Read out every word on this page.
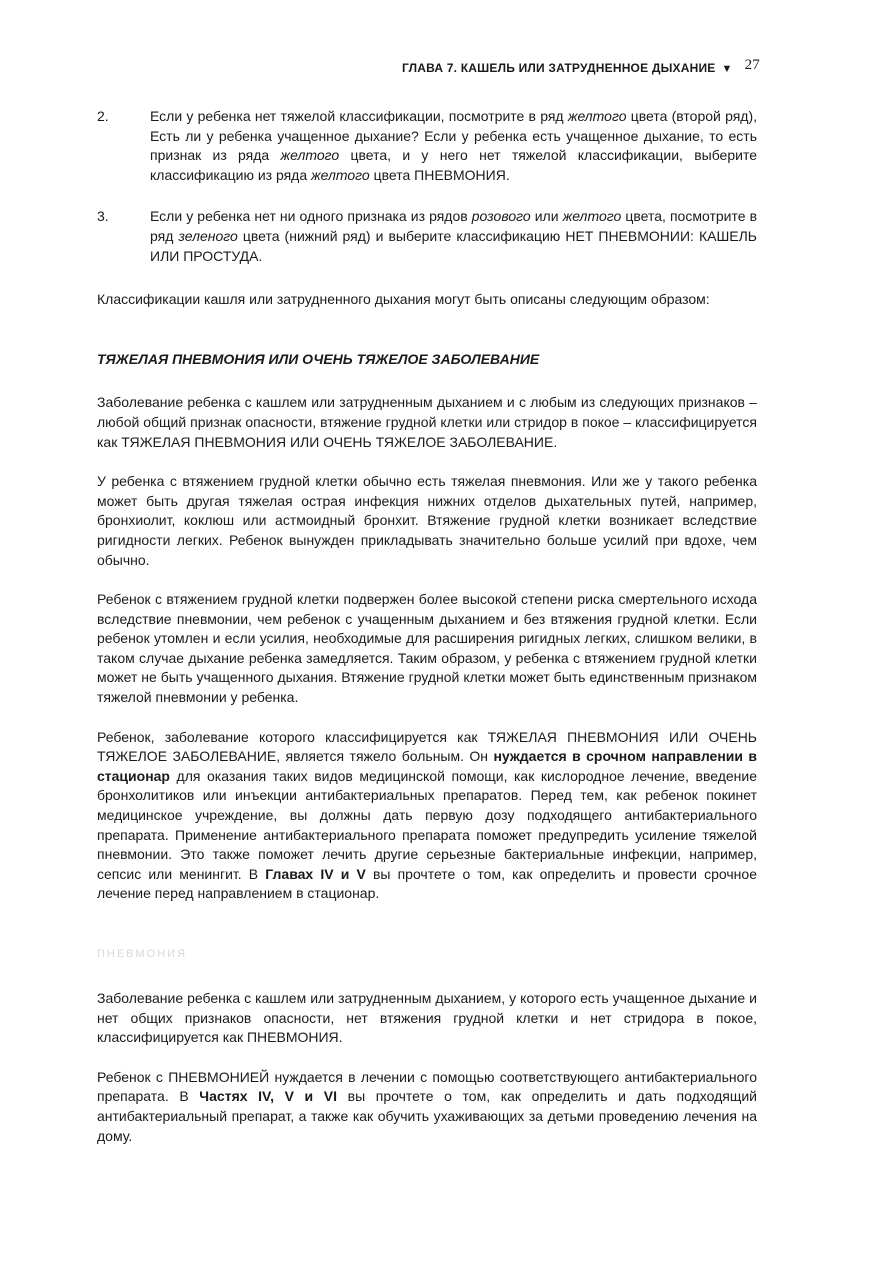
ГЛАВА 7. КАШЕЛЬ ИЛИ ЗАТРУДНЕННОЕ ДЫХАНИЕ ▼ 27
2.	Если у ребенка нет тяжелой классификации, посмотрите в ряд желтого цвета (второй ряд), Есть ли у ребенка учащенное дыхание? Если у ребенка есть учащенное дыхание, то есть признак из ряда желтого цвета, и у него нет тяжелой классификации, выберите классификацию из ряда желтого цвета ПНЕВМОНИЯ.

3.	Если у ребенка нет ни одного признака из рядов розового или желтого цвета, посмотрите в ряд зеленого цвета (нижний ряд) и выберите классификацию НЕТ ПНЕВМОНИИ: КАШЕЛЬ ИЛИ ПРОСТУДА.

Классификации кашля или затрудненного дыхания могут быть описаны следующим образом:

ТЯЖЕЛАЯ ПНЕВМОНИЯ ИЛИ ОЧЕНЬ ТЯЖЕЛОЕ ЗАБОЛЕВАНИЕ

Заболевание ребенка с кашлем или затрудненным дыханием и с любым из следующих признаков – любой общий признак опасности, втяжение грудной клетки или стридор в покое – классифицируется как ТЯЖЕЛАЯ ПНЕВМОНИЯ ИЛИ ОЧЕНЬ ТЯЖЕЛОЕ ЗАБОЛЕВАНИЕ.

У ребенка с втяжением грудной клетки обычно есть тяжелая пневмония. Или же у такого ребенка может быть другая тяжелая острая инфекция нижних отделов дыхательных путей, например, бронхиолит, коклюш или астмоидный бронхит. Втяжение грудной клетки возникает вследствие ригидности легких. Ребенок вынужден прикладывать значительно больше усилий при вдохе, чем обычно.

Ребенок с втяжением грудной клетки подвержен более высокой степени риска смертельного исхода вследствие пневмонии, чем ребенок с учащенным дыханием и без втяжения грудной клетки. Если ребенок утомлен и если усилия, необходимые для расширения ригидных легких, слишком велики, в таком случае дыхание ребенка замедляется. Таким образом, у ребенка с втяжением грудной клетки может не быть учащенного дыхания. Втяжение грудной клетки может быть единственным признаком тяжелой пневмонии у ребенка.

Ребенок, заболевание которого классифицируется как ТЯЖЕЛАЯ ПНЕВМОНИЯ ИЛИ ОЧЕНЬ ТЯЖЕЛОЕ ЗАБОЛЕВАНИЕ, является тяжело больным. Он нуждается в срочном направлении в стационар для оказания таких видов медицинской помощи, как кислородное лечение, введение бронхолитиков или инъекции антибактериальных препаратов. Перед тем, как ребенок покинет медицинское учреждение, вы должны дать первую дозу подходящего антибактериального препарата. Применение антибактериального препарата поможет предупредить усиление тяжелой пневмонии. Это также поможет лечить другие серьезные бактериальные инфекции, например, сепсис или менингит. В Главах IV и V вы прочтете о том, как определить и провести срочное лечение перед направлением в стационар.

ПНЕВМОНИЯ

Заболевание ребенка с кашлем или затрудненным дыханием, у которого есть учащенное дыхание и нет общих признаков опасности, нет втяжения грудной клетки и нет стридора в покое, классифицируется как ПНЕВМОНИЯ.

Ребенок с ПНЕВМОНИЕЙ нуждается в лечении с помощью соответствующего антибактериального препарата. В Частях IV, V и VI вы прочтете о том, как определить и дать подходящий антибактериальный препарат, а также как обучить ухаживающих за детьми проведению лечения на дому.
